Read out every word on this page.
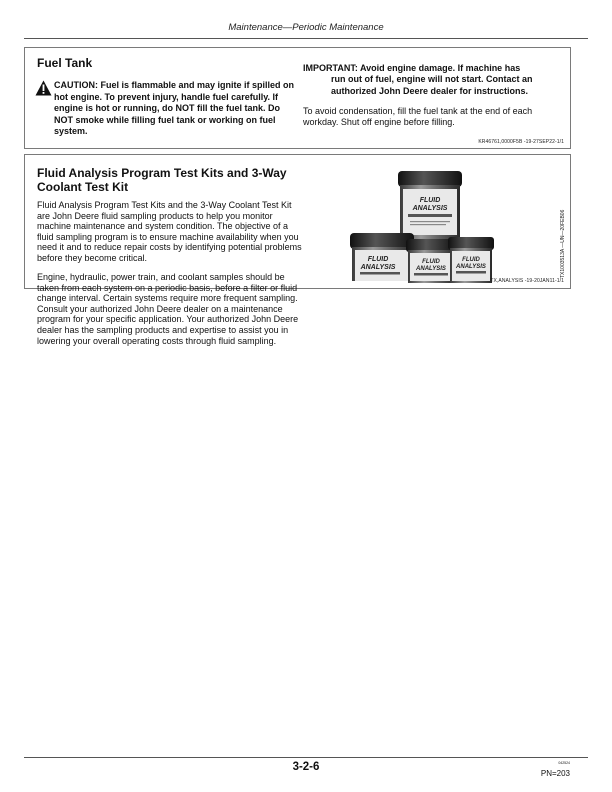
Maintenance—Periodic Maintenance
Fuel Tank
CAUTION: Fuel is flammable and may ignite if spilled on hot engine. To prevent injury, handle fuel carefully. If engine is hot or running, do NOT fill the fuel tank. Do NOT smoke while filling fuel tank or working on fuel system.
IMPORTANT: Avoid engine damage. If machine has
run out of fuel, engine will not start. Contact an authorized John Deere dealer for instructions.
To avoid condensation, fill the fuel tank at the end of each workday. Shut off engine before filling.
KR46761,0000F5B -19-27SEP22-1/1
Fluid Analysis Program Test Kits and 3-Way
Coolant Test Kit
Fluid Analysis Program Test Kits and the 3-Way Coolant Test Kit are John Deere fluid sampling products to help you monitor machine maintenance and system condition. The objective of a fluid sampling program is to ensure machine availability when you need it and to reduce repair costs by identifying potential problems before they become critical.
Engine, hydraulic, power train, and coolant samples should be taken from each system on a periodic basis, before a filter or fluid change interval. Certain systems require more frequent sampling. Consult your authorized John Deere dealer on a maintenance program for your specific application. Your authorized John Deere dealer has the sampling products and expertise to assist you in lowering your overall operating costs through fluid sampling.
FLUID
ANALYSIS
FLUID
ANALYSIS
FLUID
ANALYSIS
FLUID
ANALYSIS	TX1003513A —UN—20FEB06
TX,ANALYSIS -19-20JAN11-1/1
3-2-6	042524
PN=203
